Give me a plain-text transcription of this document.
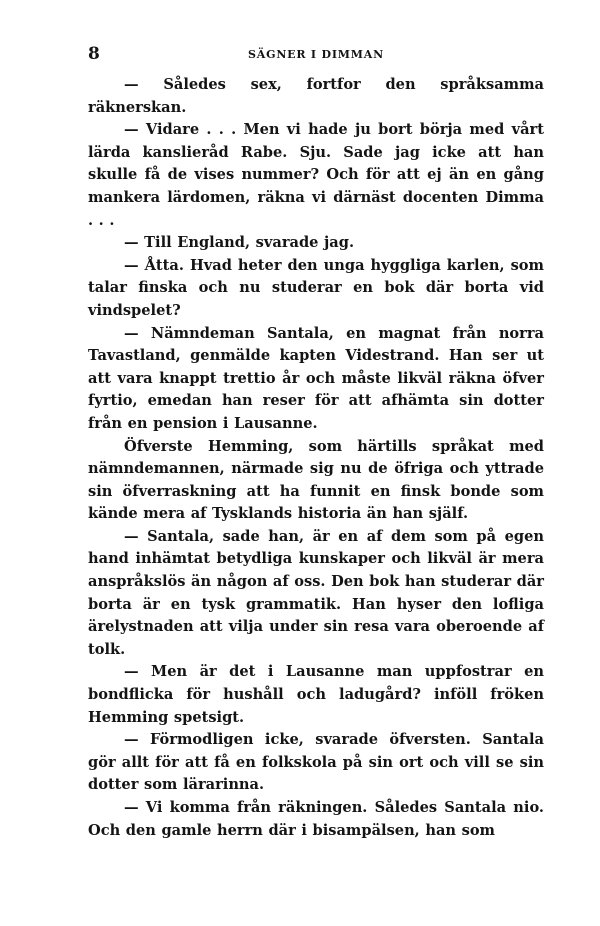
8	SÄGNER I DIMMAN

— Således sex, fortfor den språksamma räknerskan.

— Vidare . . . Men vi hade ju bort börja med vårt lärda kanslieråd Rabe. Sju. Sade jag icke att han skulle få de vises nummer? Och för att ej än en gång mankera lärdomen, räkna vi därnäst docenten Dimma . . .

— Till England, svarade jag.

— Åtta. Hvad heter den unga hyggliga karlen, som talar finska och nu studerar en bok där borta vid vindspelet?

— Nämndeman Santala, en magnat från norra Tavastland, genmälde kapten Videstrand. Han ser ut att vara knappt trettio år och måste likväl räkna öfver fyrtio, emedan han reser för att afhämta sin dotter från en pension i Lausanne.

Öfverste Hemming, som härtills språkat med nämndemannen, närmade sig nu de öfriga och yttrade sin öfverraskning att ha funnit en finsk bonde som kände mera af Tysklands historia än han själf.

— Santala, sade han, är en af dem som på egen hand inhämtat betydliga kunskaper och likväl är mera anspråkslös än någon af oss. Den bok han studerar där borta är en tysk grammatik. Han hyser den lofliga ärelystnaden att vilja under sin resa vara oberoende af tolk.

— Men är det i Lausanne man uppfostrar en bondflicka för hushåll och ladugård? inföll fröken Hemming spetsigt.

— Förmodligen icke, svarade öfversten. Santala gör allt för att få en folkskola på sin ort och vill se sin dotter som lärarinna.

— Vi komma från räkningen. Således Santala nio. Och den gamle herrn där i bisampälsen, han som
